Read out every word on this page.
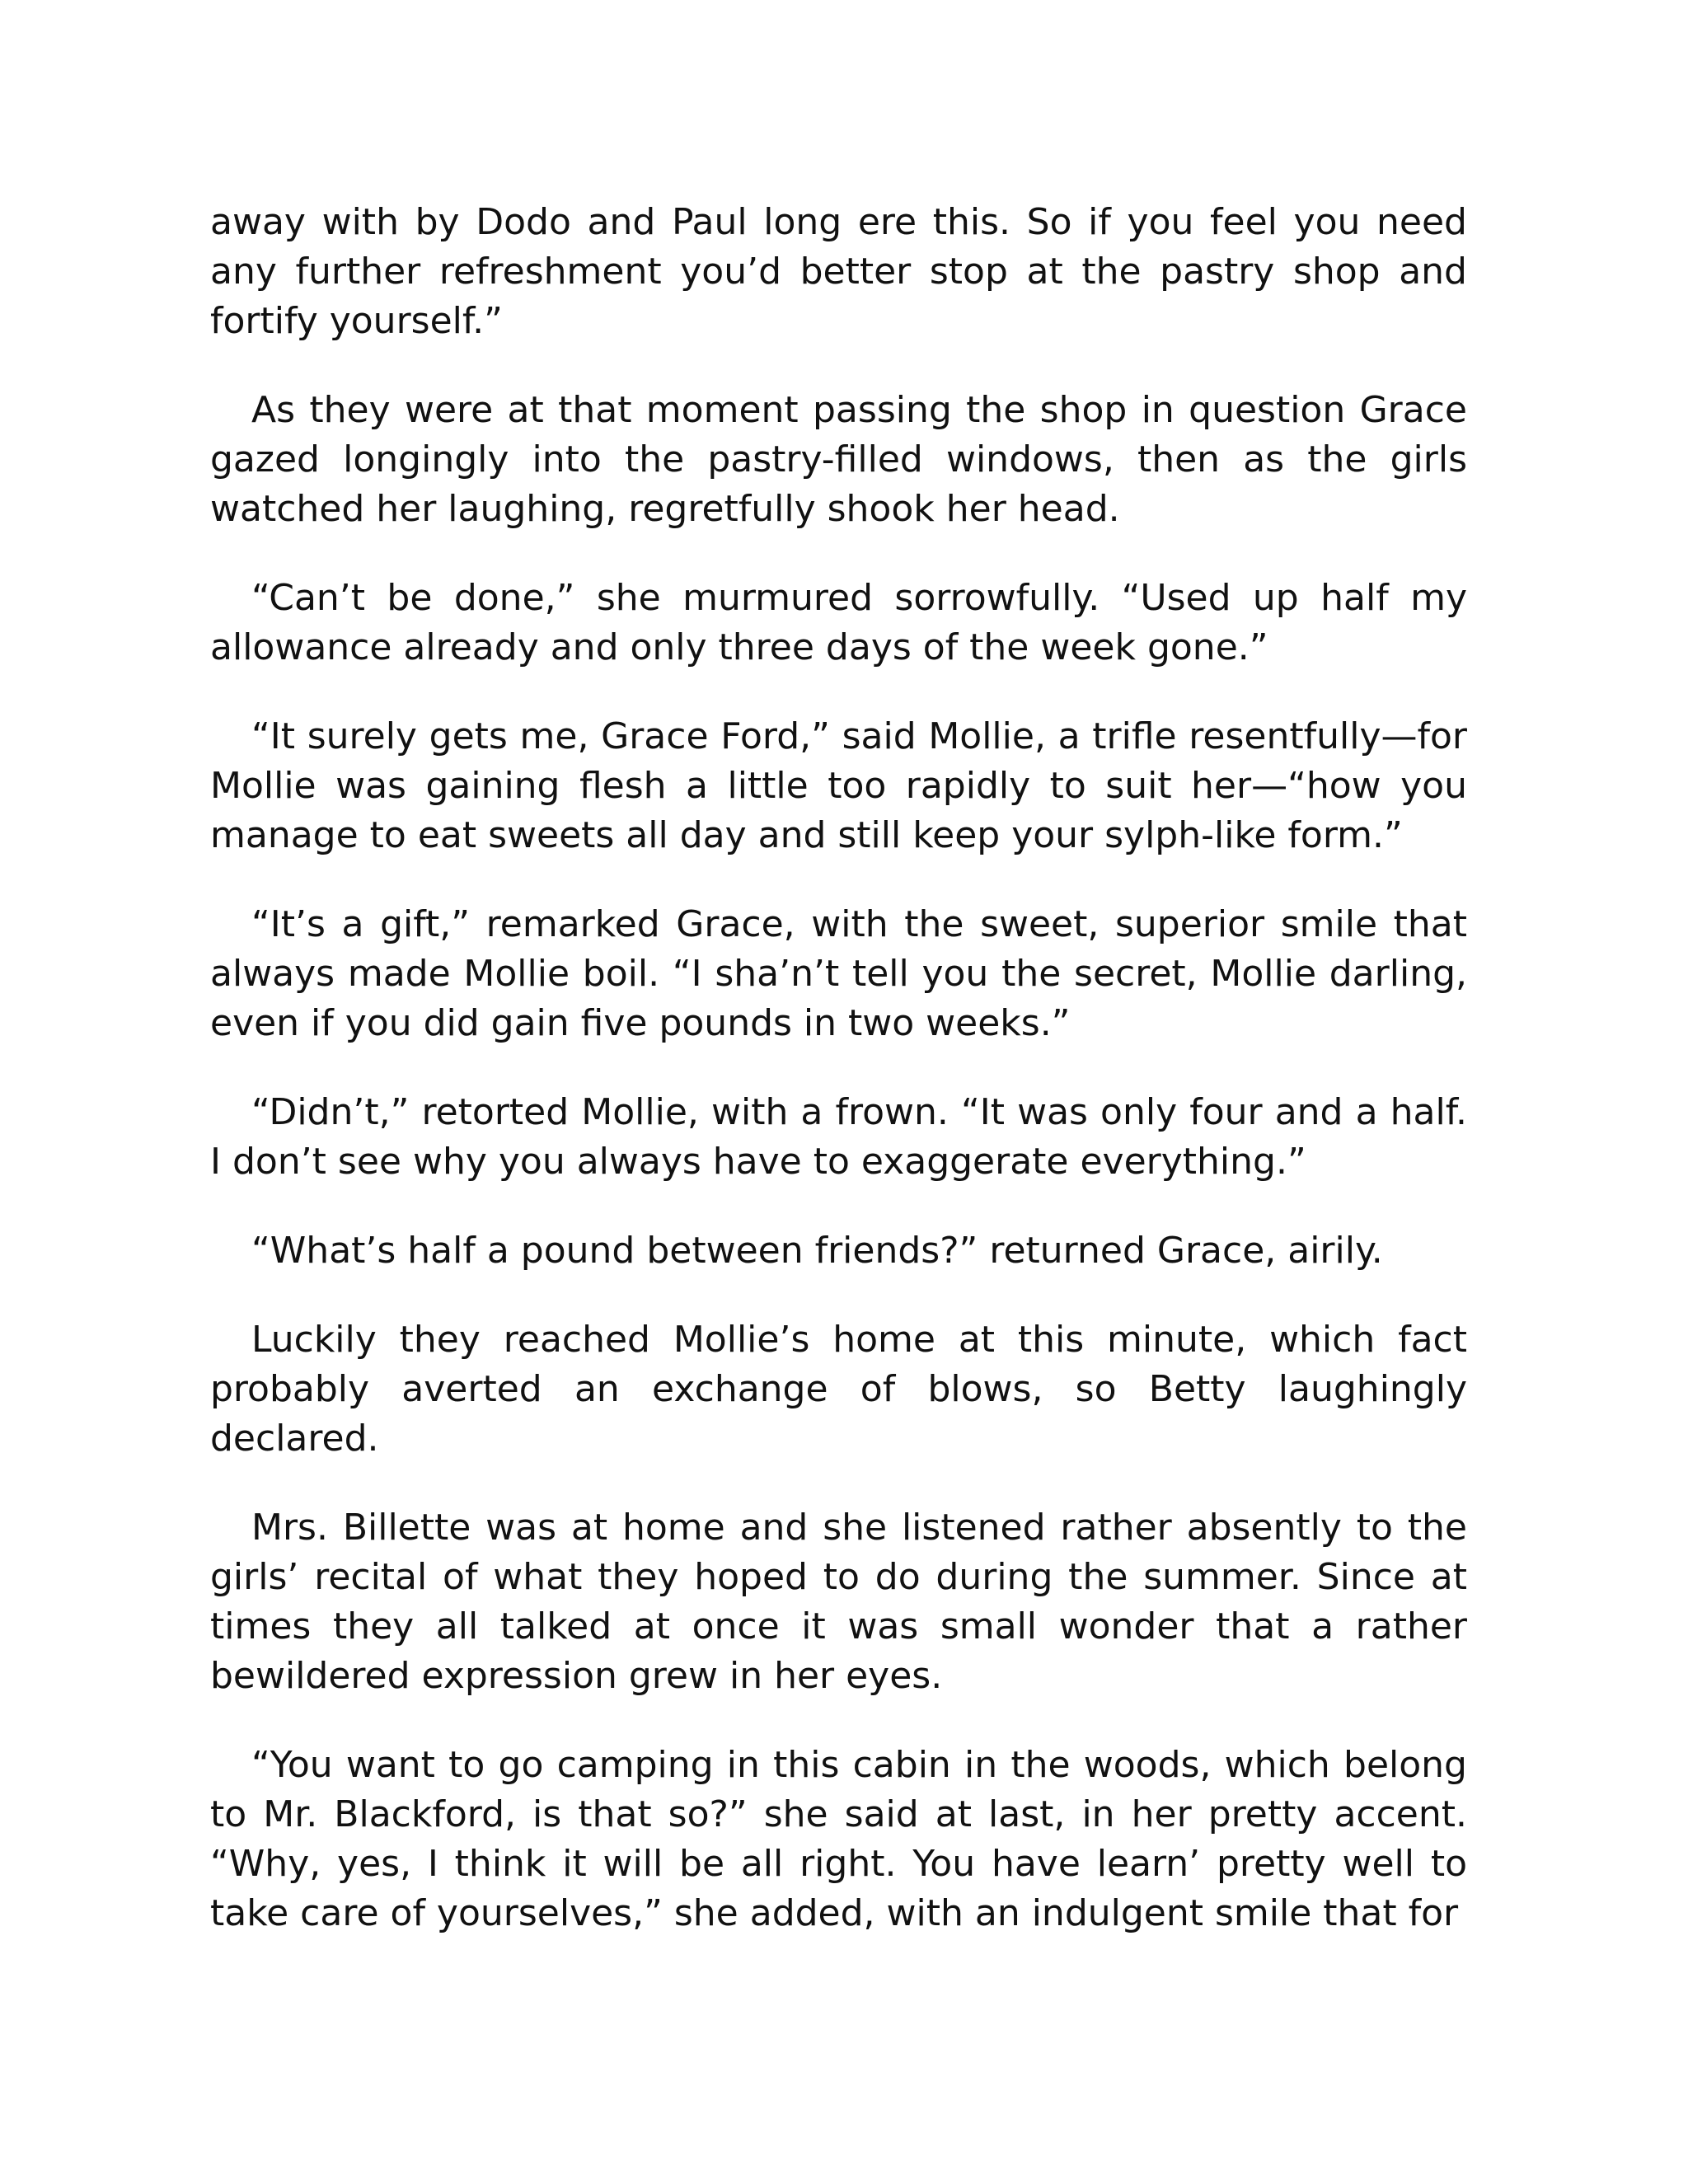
away with by Dodo and Paul long ere this. So if you feel you need any further refreshment you’d better stop at the pastry shop and fortify yourself.”

As they were at that moment passing the shop in question Grace gazed longingly into the pastry-filled windows, then as the girls watched her laughing, regretfully shook her head.

“Can’t be done,” she murmured sorrowfully. “Used up half my allowance already and only three days of the week gone.”

“It surely gets me, Grace Ford,” said Mollie, a trifle resentfully—for Mollie was gaining flesh a little too rapidly to suit her—“how you manage to eat sweets all day and still keep your sylph-like form.”

“It’s a gift,” remarked Grace, with the sweet, superior smile that always made Mollie boil. “I sha’n’t tell you the secret, Mollie darling, even if you did gain five pounds in two weeks.”

“Didn’t,” retorted Mollie, with a frown. “It was only four and a half. I don’t see why you always have to exaggerate everything.”

“What’s half a pound between friends?” returned Grace, airily.

Luckily they reached Mollie’s home at this minute, which fact probably averted an exchange of blows, so Betty laughingly declared.

Mrs. Billette was at home and she listened rather absently to the girls’ recital of what they hoped to do during the summer. Since at times they all talked at once it was small wonder that a rather bewildered expression grew in her eyes.

“You want to go camping in this cabin in the woods, which belong to Mr. Blackford, is that so?” she said at last, in her pretty accent. “Why, yes, I think it will be all right. You have learn’ pretty well to take care of yourselves,” she added, with an indulgent smile that for
